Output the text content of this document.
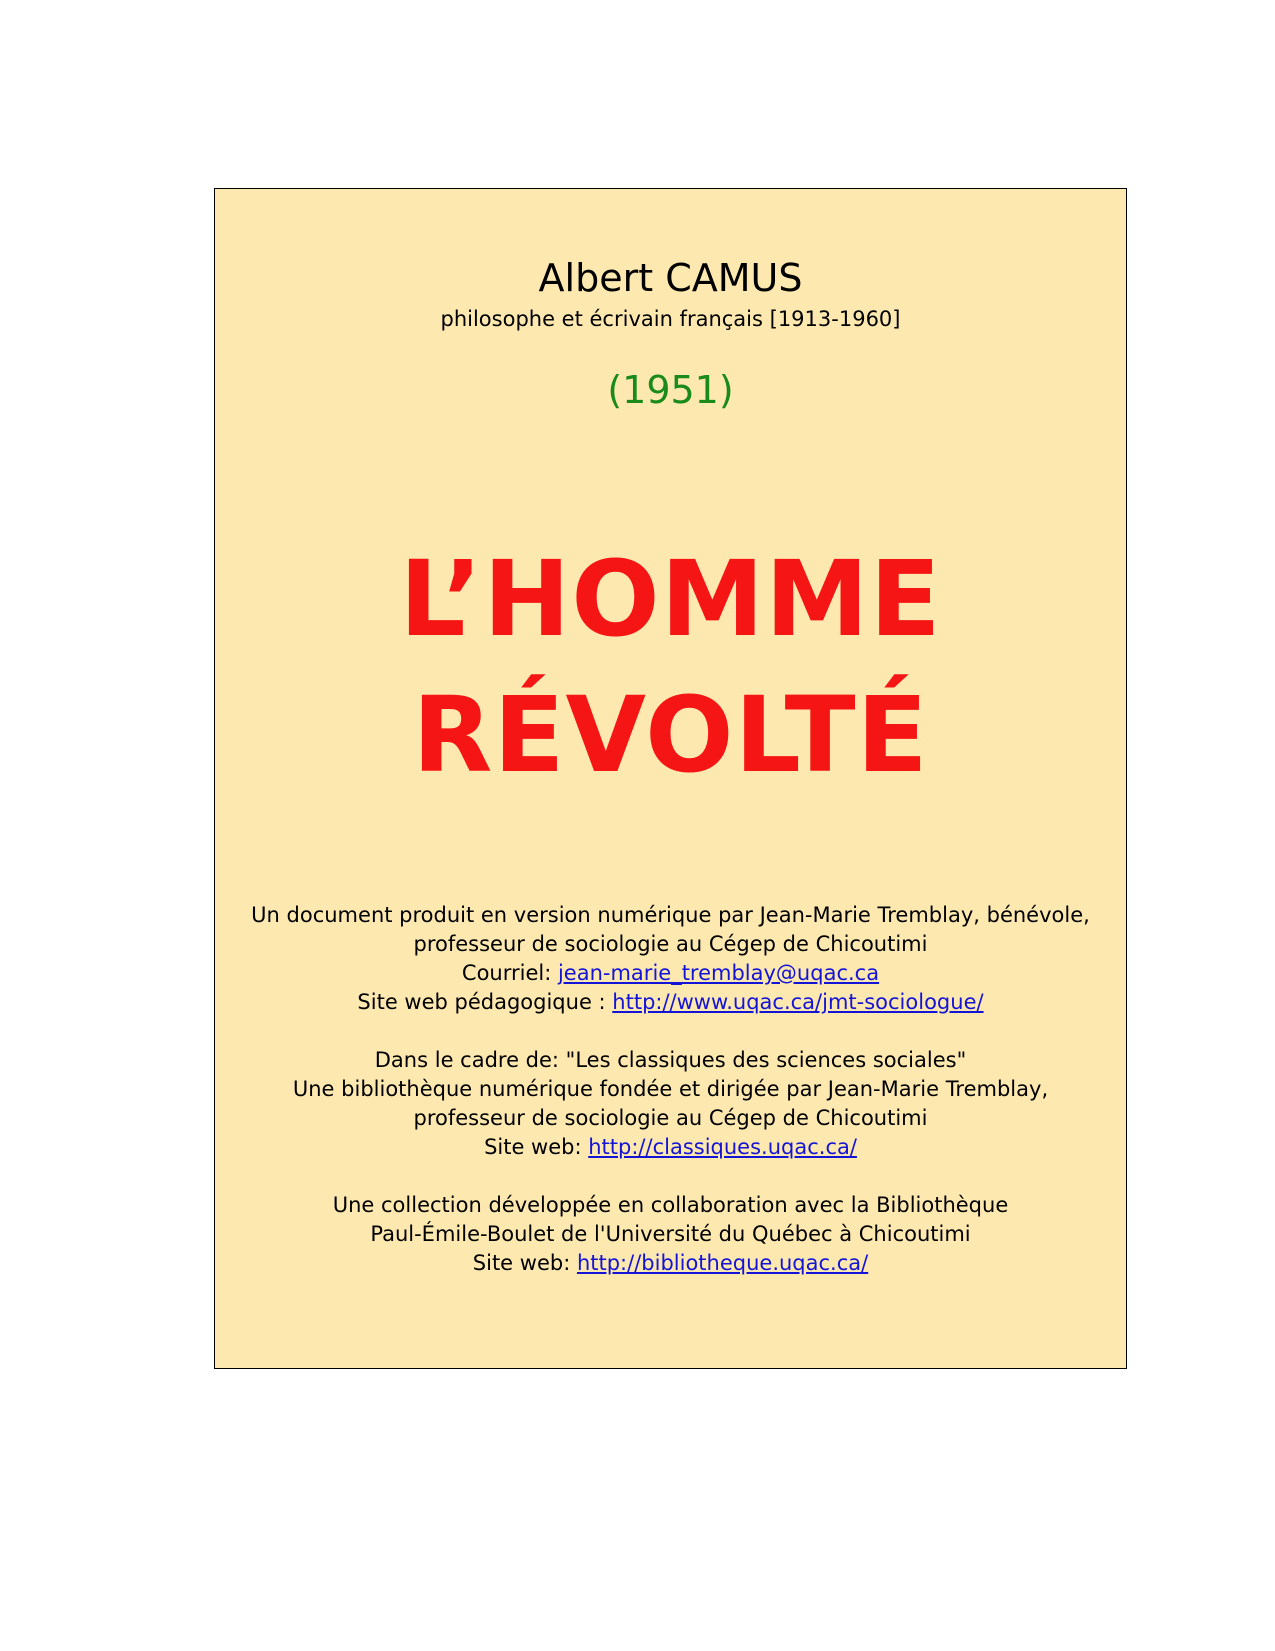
Albert CAMUS
philosophe et écrivain français [1913-1960]
(1951)
L’HOMME
RÉVOLTÉ
Un document produit en version numérique par Jean-Marie Tremblay, bénévole,
professeur de sociologie au Cégep de Chicoutimi
Courriel: jean-marie_tremblay@uqac.ca
Site web pédagogique : http://www.uqac.ca/jmt-sociologue/
Dans le cadre de: "Les classiques des sciences sociales"
Une bibliothèque numérique fondée et dirigée par Jean-Marie Tremblay,
professeur de sociologie au Cégep de Chicoutimi
Site web: http://classiques.uqac.ca/
Une collection développée en collaboration avec la Bibliothèque
Paul-Émile-Boulet de l'Université du Québec à Chicoutimi
Site web: http://bibliotheque.uqac.ca/
